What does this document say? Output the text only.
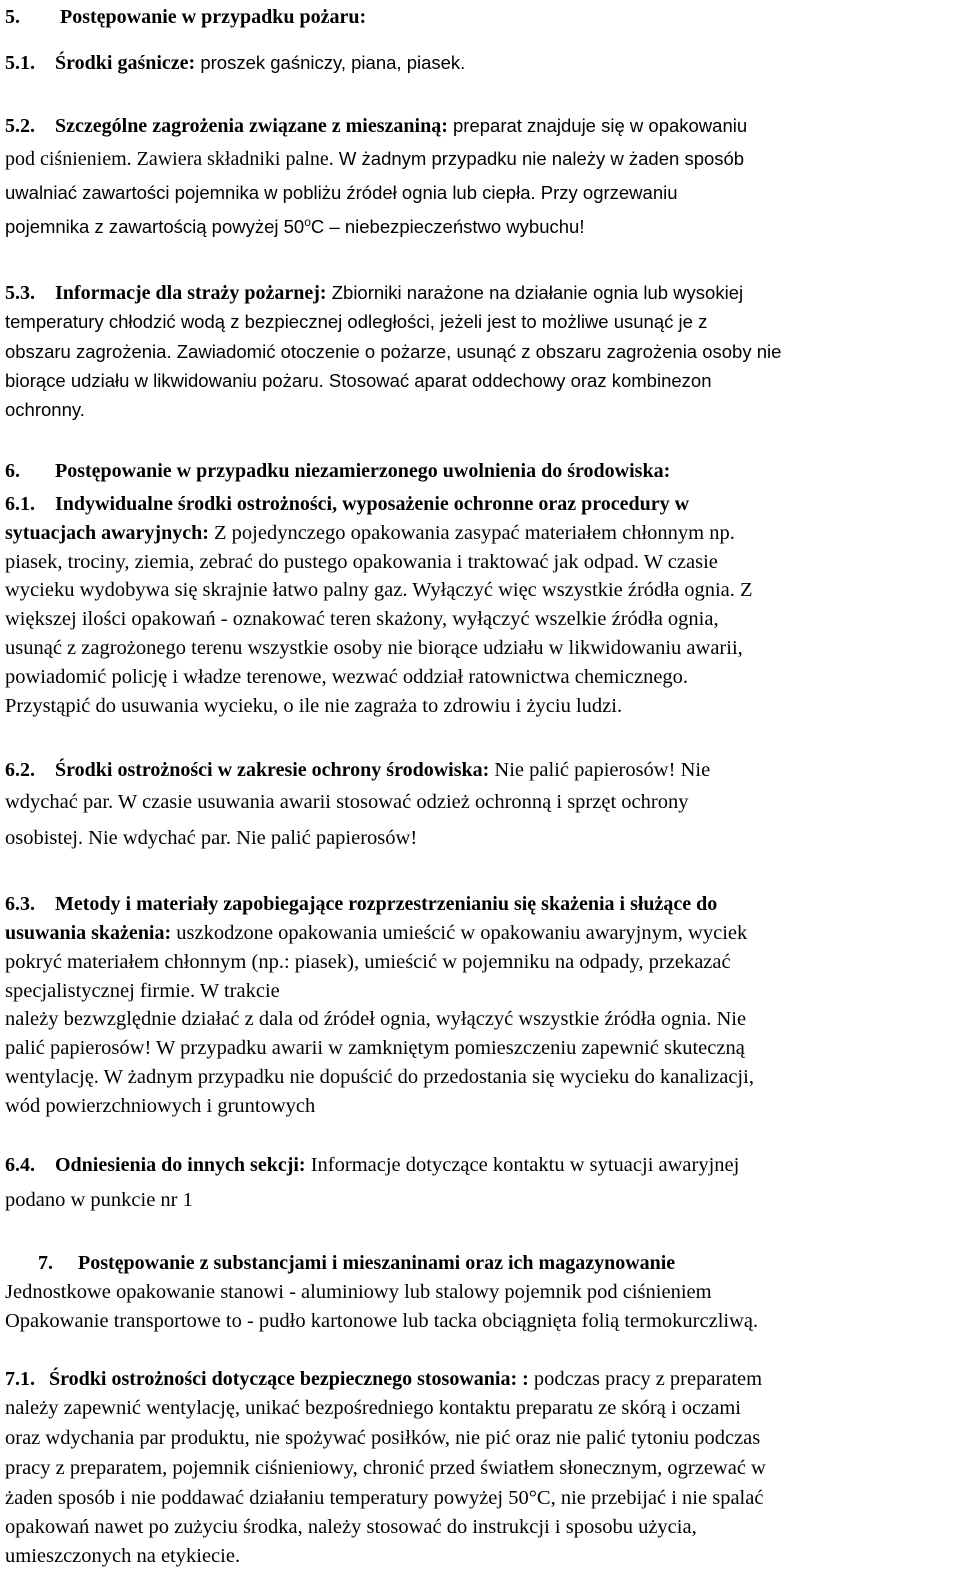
5. Postępowanie w przypadku pożaru:
5.1. Środki gaśnicze: proszek gaśniczy, piana, piasek.
5.2. Szczególne zagrożenia związane z mieszaniną: preparat znajduje się w opakowaniu
pod ciśnieniem. Zawiera składniki palne. W żadnym przypadku nie należy w żaden sposób
uwalniać zawartości pojemnika w pobliżu źródeł ognia lub ciepła. Przy ogrzewaniu
pojemnika z zawartością powyżej 50$^o$C – niebezpieczeństwo wybuchu!
5.3. Informacje dla straży pożarnej: Zbiorniki narażone na działanie ognia lub wysokiej
temperatury chłodzić wodą z bezpiecznej odległości, jeżeli jest to możliwe usunąć je z
obszaru zagrożenia. Zawiadomić otoczenie o pożarze, usunąć z obszaru zagrożenia osoby nie
biorące udziału w likwidowaniu pożaru. Stosować aparat oddechowy oraz kombinezon
ochronny.
6. Postępowanie w przypadku niezamierzonego uwolnienia do środowiska:
6.1. Indywidualne środki ostrożności, wyposażenie ochronne oraz procedury w
sytuacjach awaryjnych: Z pojedynczego opakowania zasypać materiałem chłonnym np.
piasek, trociny, ziemia, zebrać do pustego opakowania i traktować jak odpad. W czasie
wycieku wydobywa się skrajnie łatwo palny gaz. Wyłączyć więc wszystkie źródła ognia. Z
większej ilości opakowań - oznakować teren skażony, wyłączyć wszelkie źródła ognia,
usunąć z zagrożonego terenu wszystkie osoby nie biorące udziału w likwidowaniu awarii,
powiadomić policję i władze terenowe, wezwać oddział ratownictwa chemicznego.
Przystąpić do usuwania wycieku, o ile nie zagraża to zdrowiu i życiu ludzi.
6.2. Środki ostrożności w zakresie ochrony środowiska: Nie palić papierosów! Nie
wdychać par. W czasie usuwania awarii stosować odzież ochronną i sprzęt ochrony
osobistej. Nie wdychać par. Nie palić papierosów!
6.3. Metody i materiały zapobiegające rozprzestrzenianiu się skażenia i służące do
usuwania skażenia: uszkodzone opakowania umieścić w opakowaniu awaryjnym, wyciek
pokryć materiałem chłonnym (np.: piasek), umieścić w pojemniku na odpady, przekazać
specjalistycznej firmie. W trakcie
należy bezwzględnie działać z dala od źródeł ognia, wyłączyć wszystkie źródła ognia. Nie
palić papierosów! W przypadku awarii w zamkniętym pomieszczeniu zapewnić skuteczną
wentylację. W żadnym przypadku nie dopuścić do przedostania się wycieku do kanalizacji,
wód powierzchniowych i gruntowych
6.4. Odniesienia do innych sekcji: Informacje dotyczące kontaktu w sytuacji awaryjnej
podano w punkcie nr 1
7. Postępowanie z substancjami i mieszaninami oraz ich magazynowanie
Jednostkowe opakowanie stanowi - aluminiowy lub stalowy pojemnik pod ciśnieniem
Opakowanie transportowe to - pudło kartonowe lub tacka obciągnięta folią termokurczliwą.
7.1. Środki ostrożności dotyczące bezpiecznego stosowania: : podczas pracy z preparatem
należy zapewnić wentylację, unikać bezpośredniego kontaktu preparatu ze skórą i oczami
oraz wdychania par produktu, nie spożywać posiłków, nie pić oraz nie palić tytoniu podczas
pracy z preparatem, pojemnik ciśnieniowy, chronić przed światłem słonecznym, ogrzewać w
żaden sposób i nie poddawać działaniu temperatury powyżej 50°C, nie przebijać i nie spalać
opakowań nawet po zużyciu środka, należy stosować do instrukcji i sposobu użycia,
umieszczonych na etykiecie.
